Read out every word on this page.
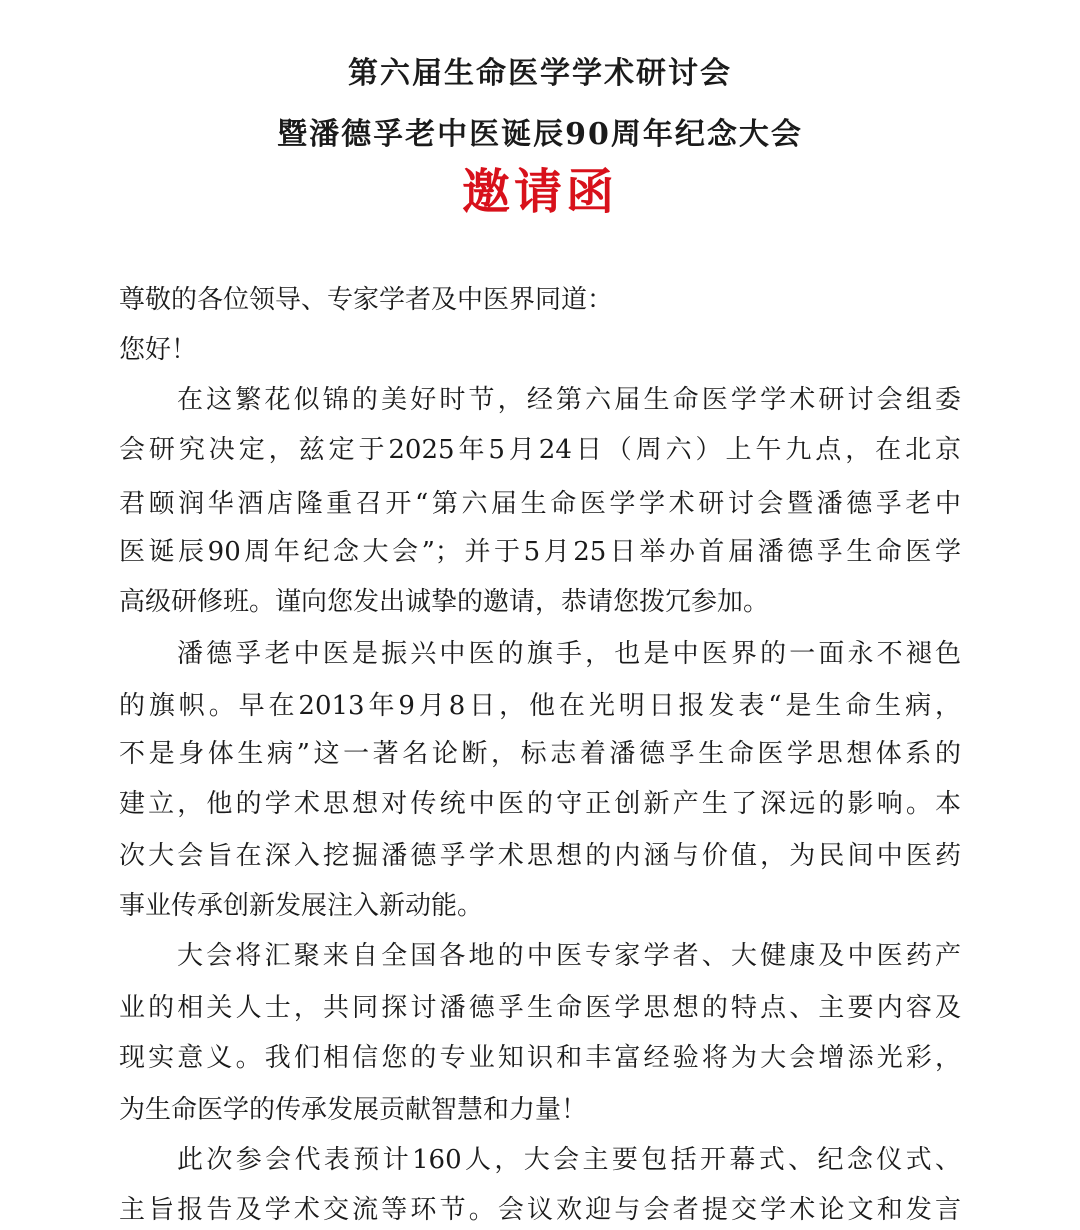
第六届生命医学学术研讨会
暨潘德孚老中医诞辰90周年纪念大会
邀请函
尊敬的各位领导、专家学者及中医界同道：
您好！
在这繁花似锦的美好时节，经第六届生命医学学术研讨会组委
会研究决定，兹定于2025年5月24日（周六）上午九点，在北京
君颐润华酒店隆重召开“第六届生命医学学术研讨会暨潘德孚老中
医诞辰90周年纪念大会”；并于5月25日举办首届潘德孚生命医学
高级研修班。谨向您发出诚挚的邀请，恭请您拨冗参加。
潘德孚老中医是振兴中医的旗手，也是中医界的一面永不褪色
的旗帜。早在2013年9月8日，他在光明日报发表“是生命生病，
不是身体生病”这一著名论断，标志着潘德孚生命医学思想体系的
建立，他的学术思想对传统中医的守正创新产生了深远的影响。本
次大会旨在深入挖掘潘德孚学术思想的内涵与价值，为民间中医药
事业传承创新发展注入新动能。
大会将汇聚来自全国各地的中医专家学者、大健康及中医药产
业的相关人士，共同探讨潘德孚生命医学思想的特点、主要内容及
现实意义。我们相信您的专业知识和丰富经验将为大会增添光彩，
为生命医学的传承发展贡献智慧和力量！
此次参会代表预计160人，大会主要包括开幕式、纪念仪式、
主旨报告及学术交流等环节。会议欢迎与会者提交学术论文和发言
